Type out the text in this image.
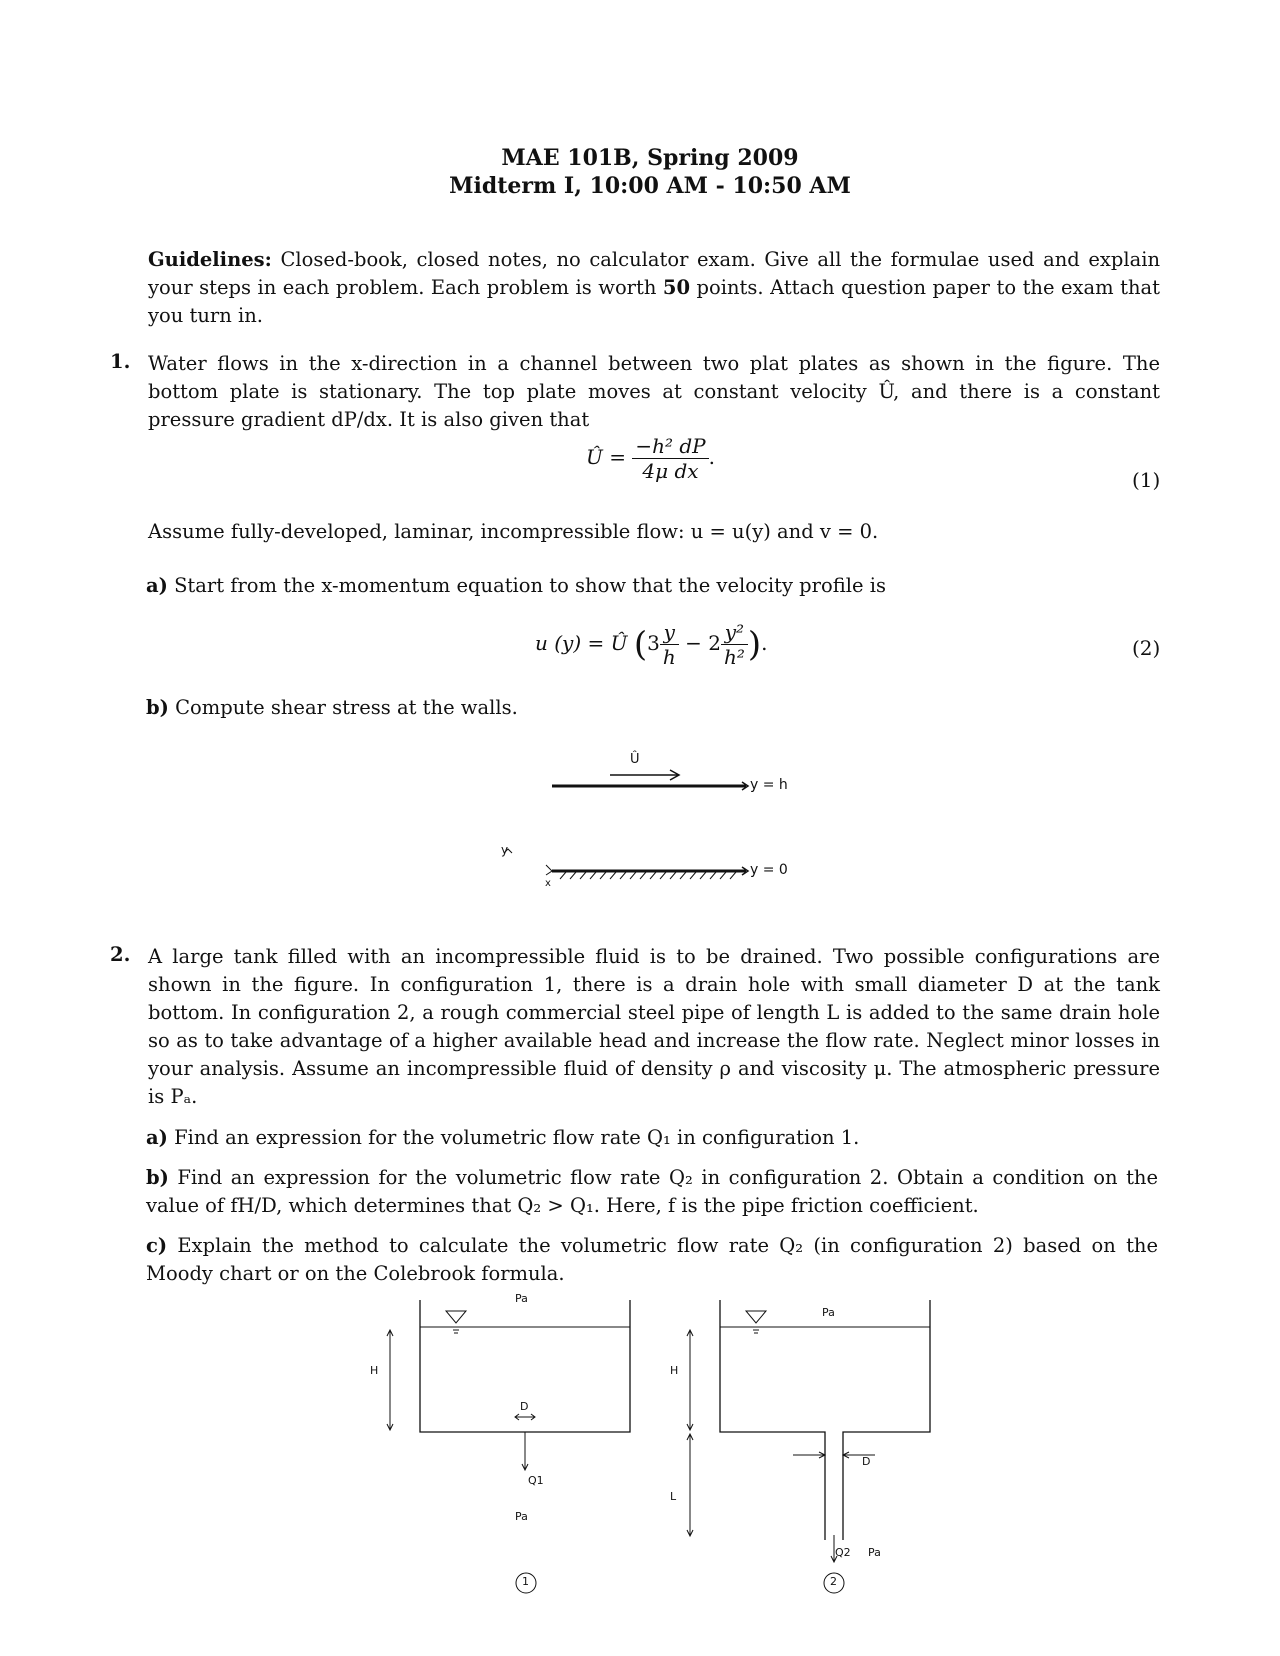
MAE 101B, Spring 2009
Midterm I, 10:00 AM - 10:50 AM
Guidelines: Closed-book, closed notes, no calculator exam. Give all the formulae used and explain your steps in each problem. Each problem is worth 50 points. Attach question paper to the exam that you turn in.
1. Water flows in the x-direction in a channel between two plat plates as shown in the figure. The bottom plate is stationary. The top plate moves at constant velocity Û, and there is a constant pressure gradient dP/dx. It is also given that
Û = $\frac{\text{−h² dP}}{\text{4μ dx}}$ .
(1)
Assume fully-developed, laminar, incompressible flow: u = u(y) and v = 0.
a) Start from the x-momentum equation to show that the velocity profile is
u (y) = Û ($3 \frac{y}{h} - 2 \frac{\text{y²}}{\text{h²}}$ ).	(2)
b) Compute shear stress at the walls.
Û
y = h
y = 0
y
x
2. A large tank filled with an incompressible fluid is to be drained. Two possible configurations are shown in the figure. In configuration 1, there is a drain hole with small diameter D at the tank bottom. In configuration 2, a rough commercial steel pipe of length L is added to the same drain hole so as to take advantage of a higher available head and increase the flow rate. Neglect minor losses in your analysis. Assume an incompressible fluid of density ρ and viscosity μ. The atmospheric pressure is Pₐ.
a) Find an expression for the volumetric flow rate Q₁ in configuration 1.
b) Find an expression for the volumetric flow rate Q₂ in configuration 2. Obtain a condition on the value of fH/D, which determines that Q₂ > Q₁. Here, f is the pipe friction coefficient.
c) Explain the method to calculate the volumetric flow rate Q₂ (in configuration 2) based on the Moody chart or on the Colebrook formula.
Pa
H
D
Q1
Pa
1
Pa
H
L
D
Q2 Pa
2
